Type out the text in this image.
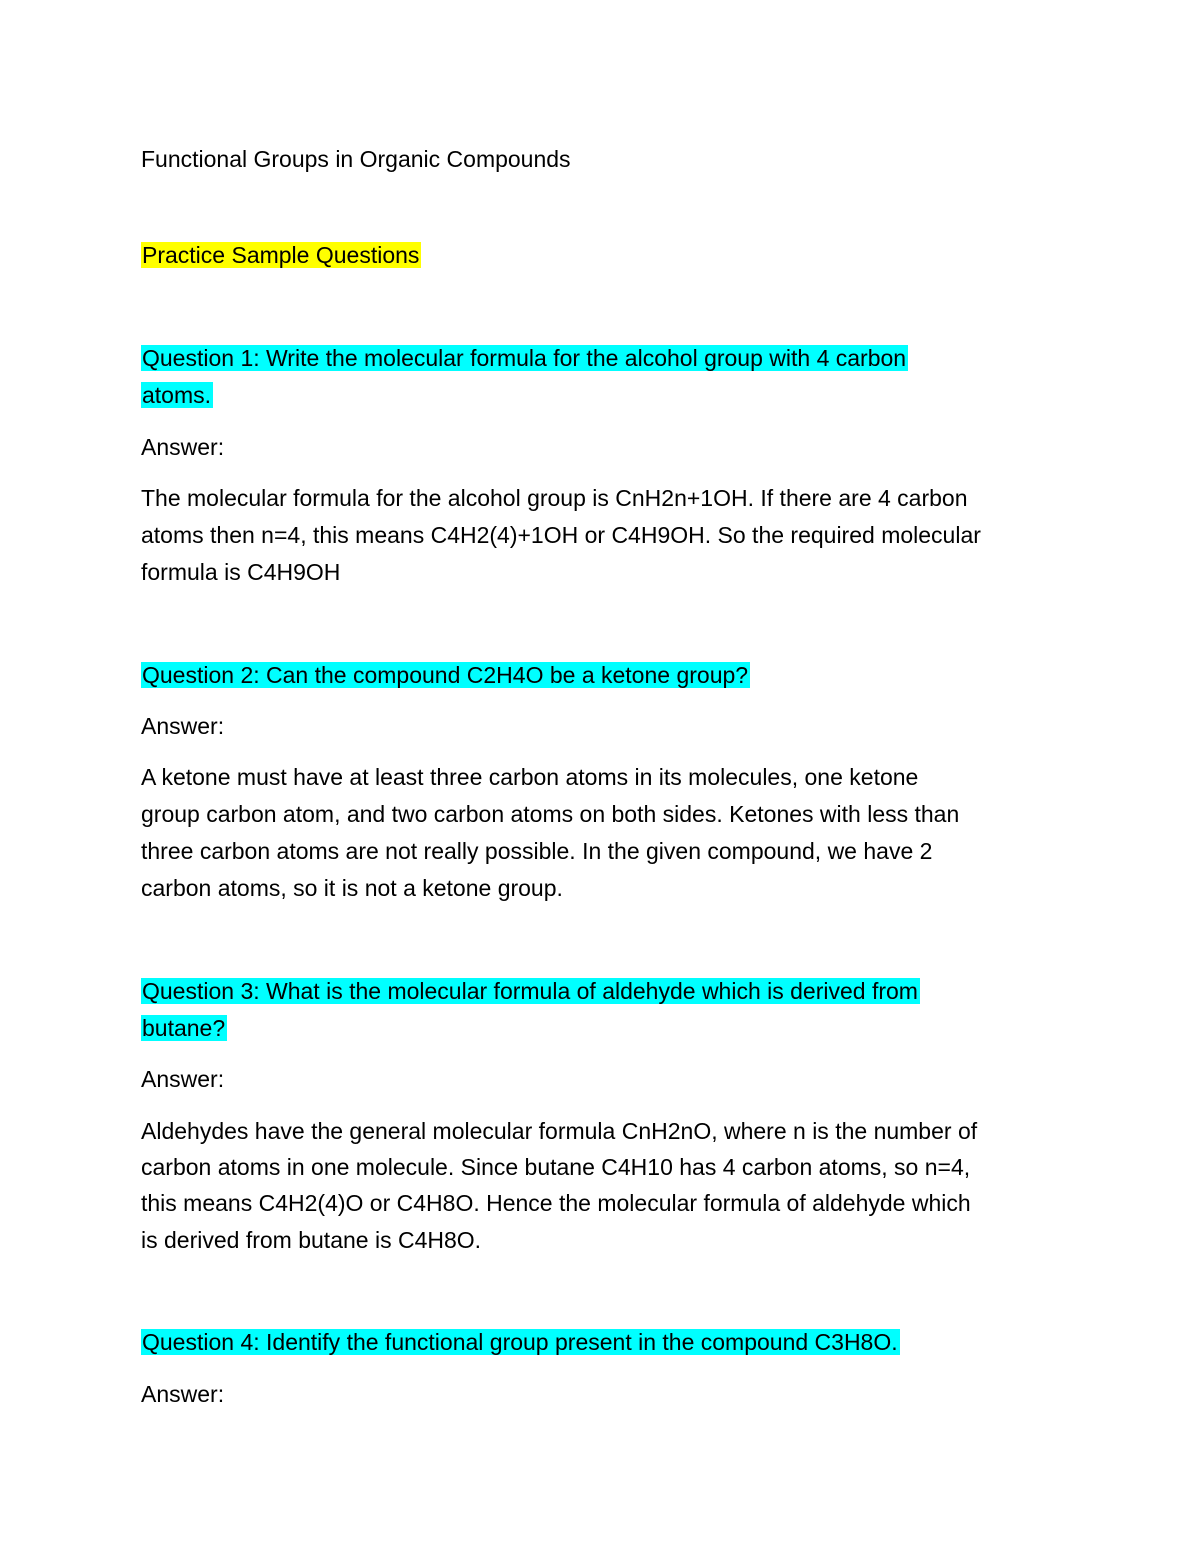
Functional Groups in Organic Compounds
Practice Sample Questions
Question 1: Write the molecular formula for the alcohol group with 4 carbon
atoms.
Answer:
The molecular formula for the alcohol group is CnH2n+1OH. If there are 4 carbon
atoms then n=4, this means C4H2(4)+1OH or C4H9OH. So the required molecular
formula is C4H9OH
Question 2: Can the compound C2H4O be a ketone group?
Answer:
A ketone must have at least three carbon atoms in its molecules, one ketone
group carbon atom, and two carbon atoms on both sides. Ketones with less than
three carbon atoms are not really possible. In the given compound, we have 2
carbon atoms, so it is not a ketone group.
Question 3: What is the molecular formula of aldehyde which is derived from
butane?
Answer:
Aldehydes have the general molecular formula CnH2nO, where n is the number of
carbon atoms in one molecule. Since butane C4H10 has 4 carbon atoms, so n=4,
this means C4H2(4)O or C4H8O. Hence the molecular formula of aldehyde which
is derived from butane is C4H8O.
Question 4: Identify the functional group present in the compound C3H8O.
Answer:
